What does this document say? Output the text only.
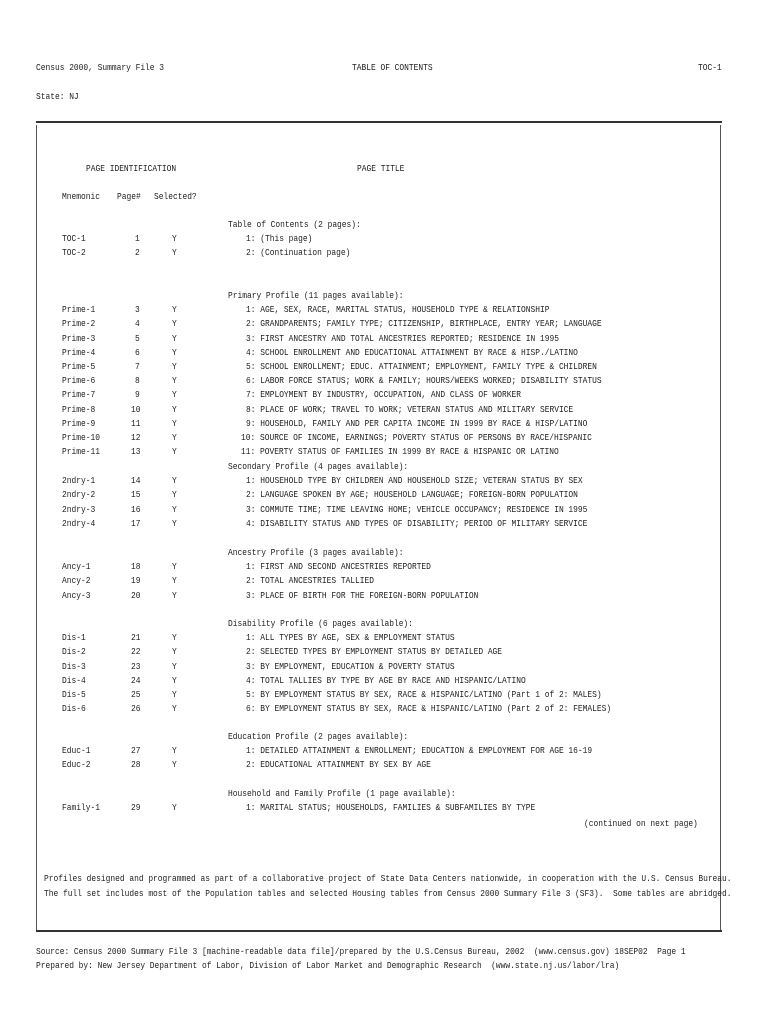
Census 2000, Summary File 3	TABLE OF CONTENTS	TOC-1
State: NJ
PAGE IDENTIFICATION	PAGE TITLE
Mnemonic Page# Selected?
Table of Contents (2 pages):
TOC-1	1	Y	1: (This page)
TOC-2	2	Y	2: (Continuation page)
Primary Profile (11 pages available):
Prime-1	3	Y	1: AGE, SEX, RACE, MARITAL STATUS, HOUSEHOLD TYPE & RELATIONSHIP
Prime-2	4	Y	2: GRANDPARENTS; FAMILY TYPE; CITIZENSHIP, BIRTHPLACE, ENTRY YEAR; LANGUAGE
Prime-3	5	Y	3: FIRST ANCESTRY AND TOTAL ANCESTRIES REPORTED; RESIDENCE IN 1995
Prime-4	6	Y	4: SCHOOL ENROLLMENT AND EDUCATIONAL ATTAINMENT BY RACE & HISP./LATINO
Prime-5	7	Y	5: SCHOOL ENROLLMENT; EDUC. ATTAINMENT; EMPLOYMENT, FAMILY TYPE & CHILDREN
Prime-6	8	Y	6: LABOR FORCE STATUS; WORK & FAMILY; HOURS/WEEKS WORKED; DISABILITY STATUS
Prime-7	9	Y	7: EMPLOYMENT BY INDUSTRY, OCCUPATION, AND CLASS OF WORKER
Prime-8	10	Y	8: PLACE OF WORK; TRAVEL TO WORK; VETERAN STATUS AND MILITARY SERVICE
Prime-9	11	Y	9: HOUSEHOLD, FAMILY AND PER CAPITA INCOME IN 1999 BY RACE & HISP/LATINO
Prime-10	12	Y	10: SOURCE OF INCOME, EARNINGS; POVERTY STATUS OF PERSONS BY RACE/HISPANIC
Prime-11	13	Y	11: POVERTY STATUS OF FAMILIES IN 1999 BY RACE & HISPANIC OR LATINO
Secondary Profile (4 pages available):
2ndry-1	14	Y	1: HOUSEHOLD TYPE BY CHILDREN AND HOUSEHOLD SIZE; VETERAN STATUS BY SEX
2ndry-2	15	Y	2: LANGUAGE SPOKEN BY AGE; HOUSEHOLD LANGUAGE; FOREIGN-BORN POPULATION
2ndry-3	16	Y	3: COMMUTE TIME; TIME LEAVING HOME; VEHICLE OCCUPANCY; RESIDENCE IN 1995
2ndry-4	17	Y	4: DISABILITY STATUS AND TYPES OF DISABILITY; PERIOD OF MILITARY SERVICE
Ancestry Profile (3 pages available):
Ancy-1	18	Y	1: FIRST AND SECOND ANCESTRIES REPORTED
Ancy-2	19	Y	2: TOTAL ANCESTRIES TALLIED
Ancy-3	20	Y	3: PLACE OF BIRTH FOR THE FOREIGN-BORN POPULATION
Disability Profile (6 pages available):
Dis-1	21	Y	1: ALL TYPES BY AGE, SEX & EMPLOYMENT STATUS
Dis-2	22	Y	2: SELECTED TYPES BY EMPLOYMENT STATUS BY DETAILED AGE
Dis-3	23	Y	3: BY EMPLOYMENT, EDUCATION & POVERTY STATUS
Dis-4	24	Y	4: TOTAL TALLIES BY TYPE BY AGE BY RACE AND HISPANIC/LATINO
Dis-5	25	Y	5: BY EMPLOYMENT STATUS BY SEX, RACE & HISPANIC/LATINO (Part 1 of 2: MALES)
Dis-6	26	Y	6: BY EMPLOYMENT STATUS BY SEX, RACE & HISPANIC/LATINO (Part 2 of 2: FEMALES)
Education Profile (2 pages available):
Educ-1	27	Y	1: DETAILED ATTAINMENT & ENROLLMENT; EDUCATION & EMPLOYMENT FOR AGE 16-19
Educ-2	28	Y	2: EDUCATIONAL ATTAINMENT BY SEX BY AGE
Household and Family Profile (1 page available):
Family-1	29	Y	1: MARITAL STATUS; HOUSEHOLDS, FAMILIES & SUBFAMILIES BY TYPE
(continued on next page)
Profiles designed and programmed as part of a collaborative project of State Data Centers nationwide, in cooperation with the U.S. Census Bureau.
The full set includes most of the Population tables and selected Housing tables from Census 2000 Summary File 3 (SF3).  Some tables are abridged.
Source: Census 2000 Summary File 3 [machine-readable data file]/prepared by the U.S.Census Bureau, 2002  (www.census.gov) 18SEP02  Page 1
Prepared by: New Jersey Department of Labor, Division of Labor Market and Demographic Research  (www.state.nj.us/labor/lra)
